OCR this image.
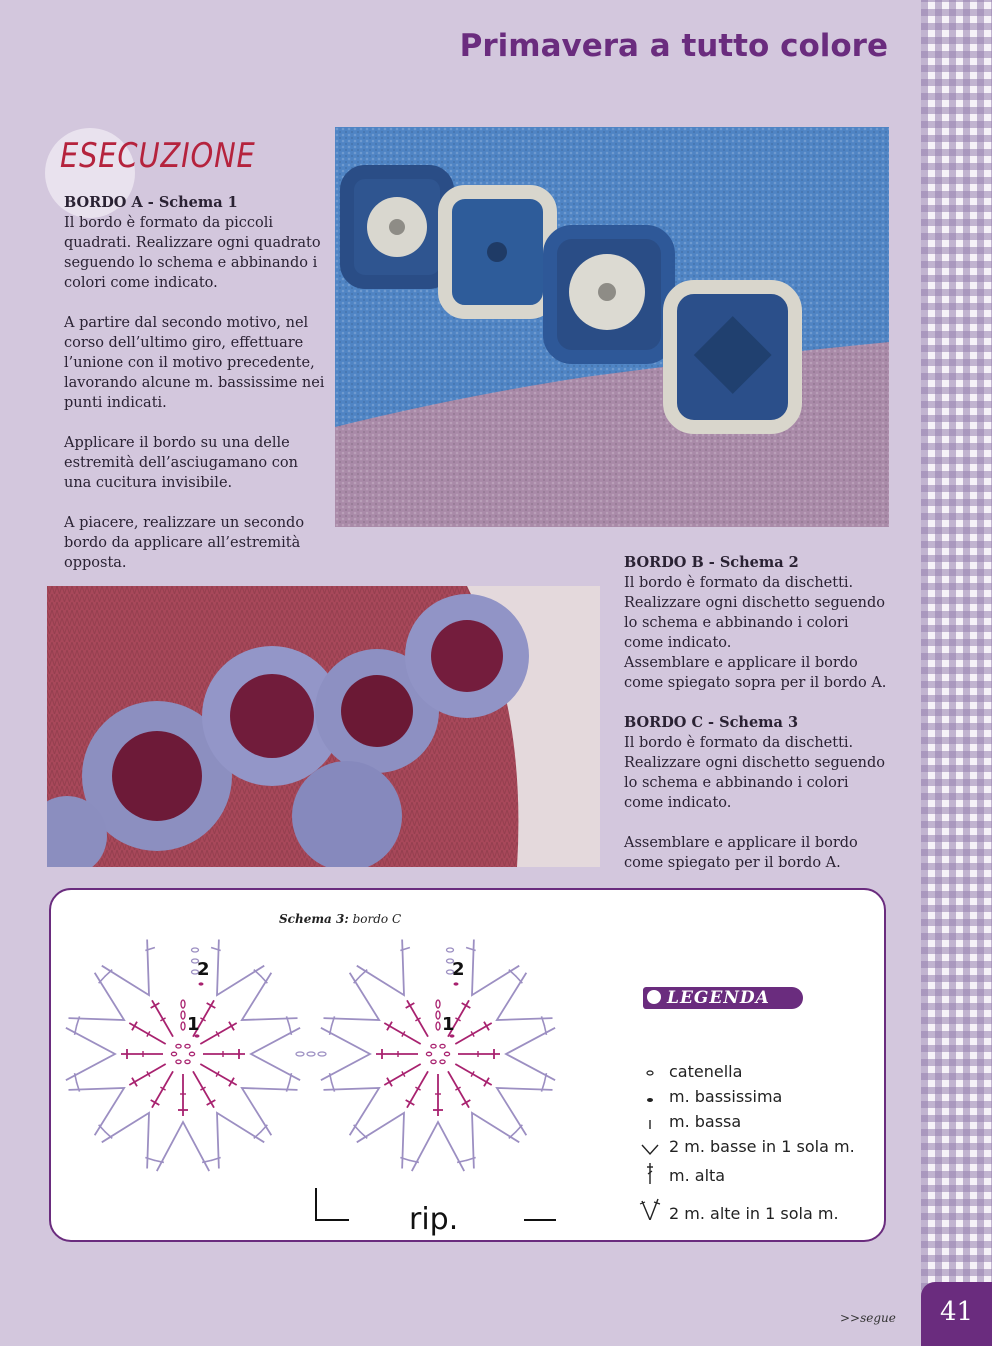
Primavera a tutto colore
ESECUZIONE
BORDO A - Schema 1

Il bordo è formato da piccoli quadrati. Realizzare ogni quadrato seguendo lo schema e abbinando i colori come indicato.

A partire dal secondo motivo, nel corso dell’ultimo giro, effettuare l’unione con il motivo precedente, lavorando alcune m. bassissime nei punti indicati.

Applicare il bordo su una delle estremità dell’asciugamano con una cucitura invisibile.

A piacere, realizzare un secondo bordo da applicare all’estremità opposta.	BORDO B - Schema 2

Il bordo è formato da dischetti. Realizzare ogni dischetto seguendo lo schema e abbinando i colori come indicato.
Assemblare e applicare il bordo come spiegato sopra per il bordo A.

BORDO C - Schema 3

Il bordo è formato da dischetti. Realizzare ogni dischetto seguendo lo schema e abbinando i colori come indicato.

Assemblare e applicare il bordo come spiegato per il bordo A.

Schema 3: bordo C
2
1
2
1
rip.
LEGENDA
catenella
m. bassissima
m. bassa
2 m. basse in 1 sola m.
m. alta
2 m. alte in 1 sola m.
>>segue	41
